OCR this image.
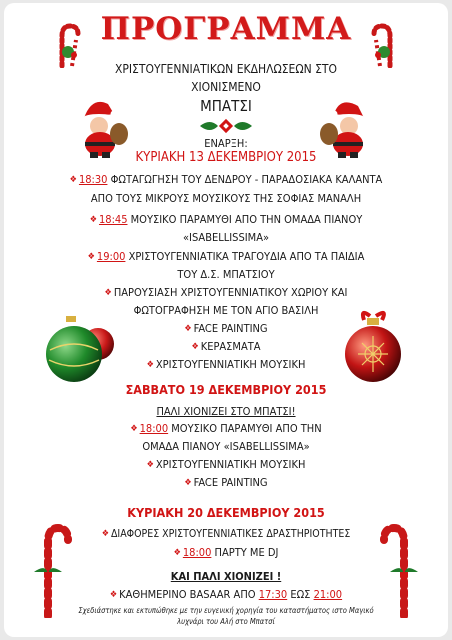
ΠΡΟΓΡΑΜΜΑ
ΧΡΙΣΤΟΥΓΕΝΝΙΑΤΙΚΩΝ ΕΚΔΗΛΩΣΕΩΝ ΣΤΟ
ΧΙΟΝΙΣΜΕΝΟ
ΜΠΑΤΣΙ
ΕΝΑΡΞΗ:
ΚΥΡΙΑΚΗ 13 ΔΕΚΕΜΒΡΙΟΥ 2015
❖ 18:30 ΦΩΤΑΓΩΓΗΣΗ ΤΟΥ ΔΕΝΔΡΟΥ - ΠΑΡΑΔΟΣΙΑΚΑ ΚΑΛΑΝΤΑ
ΑΠΟ ΤΟΥΣ ΜΙΚΡΟΥΣ ΜΟΥΣΙΚΟΥΣ ΤΗΣ ΣΟΦΙΑΣ ΜΑΝΑΛΗ
❖ 18:45 ΜΟΥΣΙΚΟ ΠΑΡΑΜΥΘΙ ΑΠΟ ΤΗΝ ΟΜΑΔΑ ΠΙΑΝΟΥ
«ISABELLISSIMA»
❖ 19:00 ΧΡΙΣΤΟΥΓΕΝΝΙΑΤΙΚΑ ΤΡΑΓΟΥΔΙΑ ΑΠΟ ΤΑ ΠΑΙΔΙΑ
ΤΟΥ Δ.Σ. ΜΠΑΤΣΙΟΥ
❖ ΠΑΡΟΥΣΙΑΣΗ ΧΡΙΣΤΟΥΓΕΝΝΙΑΤΙΚΟΥ ΧΩΡΙΟΥ ΚΑΙ
ΦΩΤΟΓΡΑΦΗΣΗ ΜΕ ΤΟΝ ΑΓΙΟ ΒΑΣΙΛΗ
❖ FACE PAINTING
❖ ΚΕΡΑΣΜΑΤΑ
❖ ΧΡΙΣΤΟΥΓΕΝΝΙΑΤΙΚΗ ΜΟΥΣΙΚΗ
ΣΑΒΒΑΤΟ 19 ΔΕΚΕΜΒΡΙΟΥ 2015
ΠΑΛΙ ΧΙΟΝΙΖΕΙ ΣΤΟ ΜΠΑΤΣΙ!
❖ 18:00 ΜΟΥΣΙΚΟ ΠΑΡΑΜΥΘΙ ΑΠΟ ΤΗΝ
ΟΜΑΔΑ ΠΙΑΝΟΥ «ISABELLISSIMA»
❖ ΧΡΙΣΤΟΥΓΕΝΝΙΑΤΙΚΗ ΜΟΥΣΙΚΗ
❖ FACE PAINTING
ΚΥΡΙΑΚΗ 20 ΔΕΚΕΜΒΡΙΟΥ 2015
❖ ΔΙΑΦΟΡΕΣ ΧΡΙΣΤΟΥΓΕΝΝΙΑΤΙΚΕΣ ΔΡΑΣΤΗΡΙΟΤΗΤΕΣ
❖ 18:00 ΠΑΡΤΥ ΜΕ DJ
ΚΑΙ ΠΑΛΙ ΧΙΟΝΙΖΕΙ !
❖ ΚΑΘΗΜΕΡΙΝΟ BASAAR ΑΠΟ 17:30 ΕΩΣ 21:00
Σχεδιάστηκε και εκτυπώθηκε με την ευγενική χορηγία του καταστήματος ιστο Μαγικό
λυχνάρι του Αλή στο Μπατσί
